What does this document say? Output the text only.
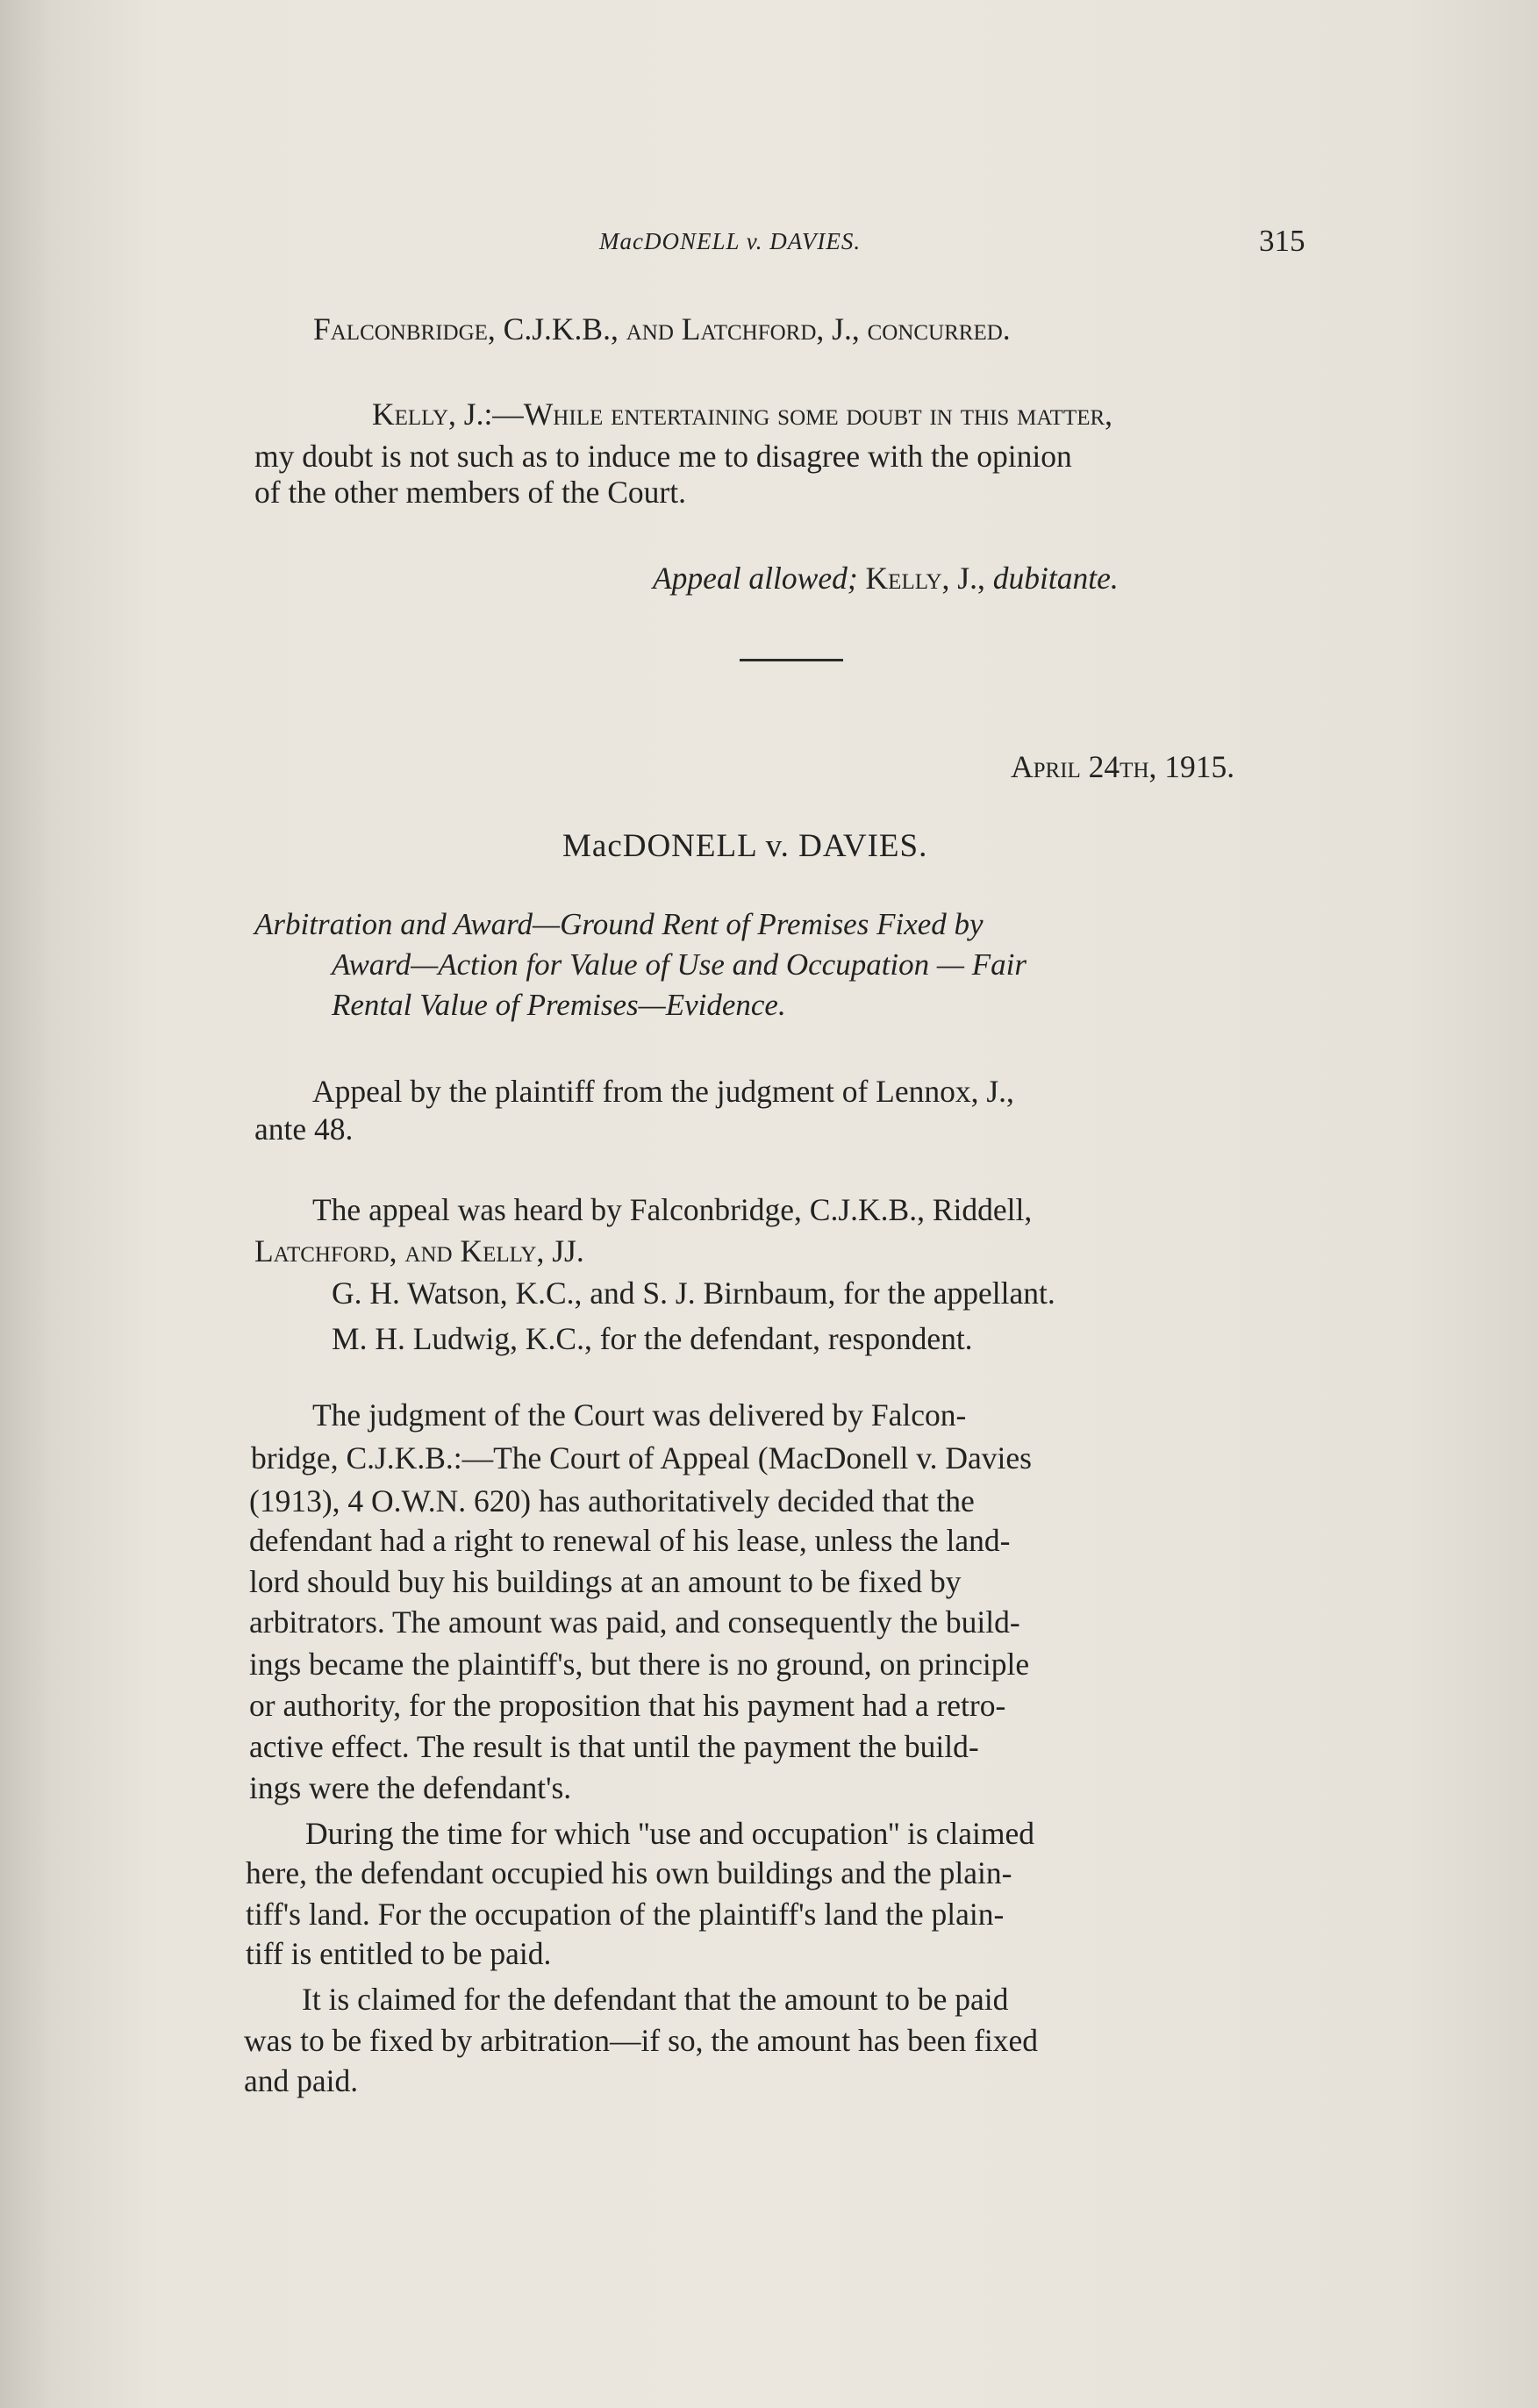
MacDONELL v. DAVIES.	315
Falconbridge, C.J.K.B., and Latchford, J., concurred.
Kelly, J.:—While entertaining some doubt in this matter,
my doubt is not such as to induce me to disagree with the opinion
of the other members of the Court.
Appeal allowed; Kelly, J., dubitante.
April 24th, 1915.
MacDONELL v. DAVIES.
Arbitration and Award—Ground Rent of Premises Fixed by
Award—Action for Value of Use and Occupation — Fair
Rental Value of Premises—Evidence.
Appeal by the plaintiff from the judgment of Lennox, J.,
ante 48.
The appeal was heard by Falconbridge, C.J.K.B., Riddell,
Latchford, and Kelly, JJ.
G. H. Watson, K.C., and S. J. Birnbaum, for the appellant.
M. H. Ludwig, K.C., for the defendant, respondent.
The judgment of the Court was delivered by Falcon-
bridge, C.J.K.B.:—The Court of Appeal (MacDonell v. Davies
(1913), 4 O.W.N. 620) has authoritatively decided that the
defendant had a right to renewal of his lease, unless the land-
lord should buy his buildings at an amount to be fixed by
arbitrators. The amount was paid, and consequently the build-
ings became the plaintiff's, but there is no ground, on principle
or authority, for the proposition that his payment had a retro-
active effect. The result is that until the payment the build-
ings were the defendant's.
During the time for which ''use and occupation'' is claimed
here, the defendant occupied his own buildings and the plain-
tiff's land. For the occupation of the plaintiff's land the plain-
tiff is entitled to be paid.
It is claimed for the defendant that the amount to be paid
was to be fixed by arbitration—if so, the amount has been fixed
and paid.
